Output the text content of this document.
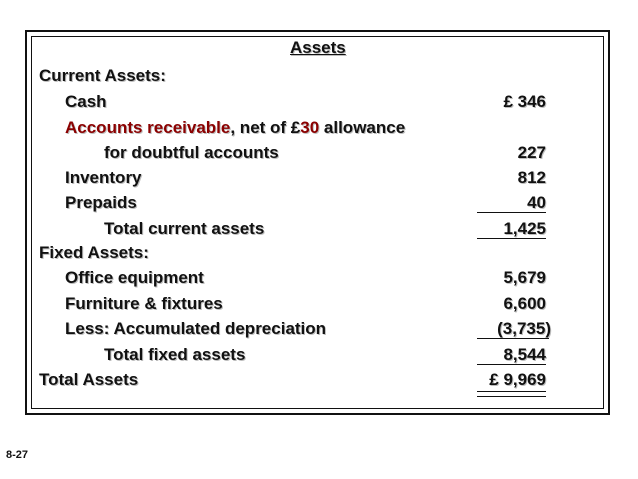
Assets
Current Assets:
Cash	£ 346
Accounts receivable, net of £30 allowance
for doubtful accounts	227
Inventory	812
Prepaids	40
Total current assets	1,425
Fixed Assets:
Office equipment	5,679
Furniture & fixtures	6,600
Less: Accumulated depreciation	(3,735)
Total fixed assets	8,544
Total Assets	£ 9,969
8-27
